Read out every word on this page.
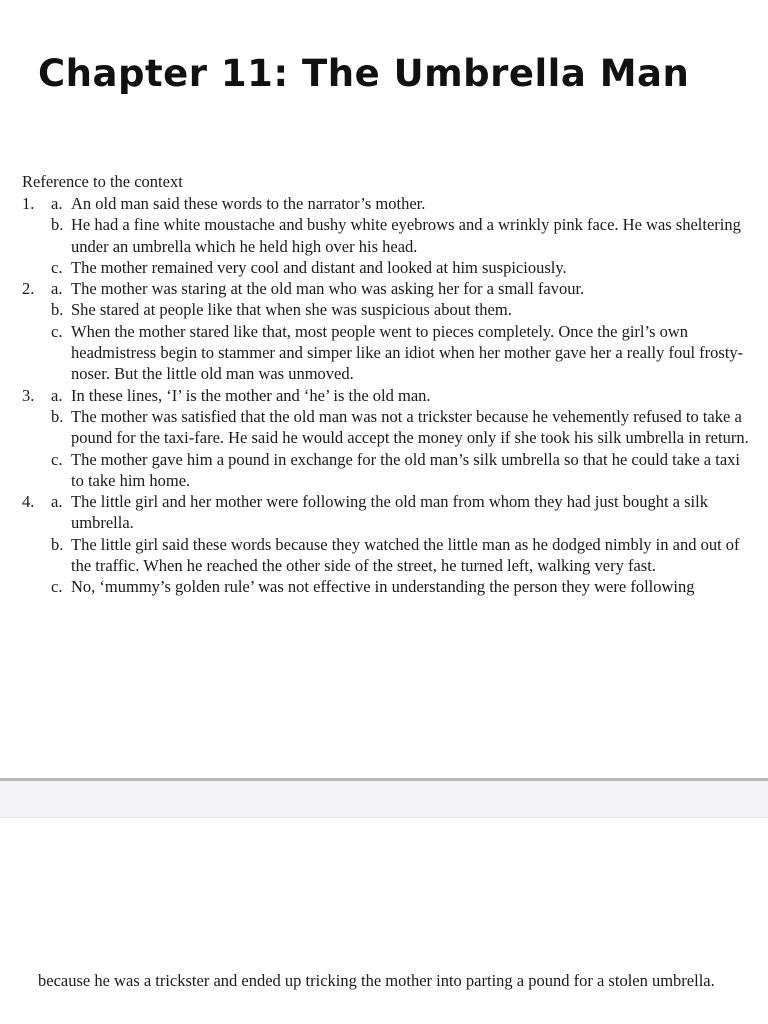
Chapter 11: The Umbrella Man
Reference to the context
1. a. An old man said these words to the narrator’s mother.
b. He had a fine white moustache and bushy white eyebrows and a wrinkly pink face. He was sheltering under an umbrella which he held high over his head.
c. The mother remained very cool and distant and looked at him suspiciously.
2. a. The mother was staring at the old man who was asking her for a small favour.
b. She stared at people like that when she was suspicious about them.
c. When the mother stared like that, most people went to pieces completely. Once the girl’s own headmistress begin to stammer and simper like an idiot when her mother gave her a really foul frosty-noser. But the little old man was unmoved.
3. a. In these lines, ‘I’ is the mother and ‘he’ is the old man.
b. The mother was satisfied that the old man was not a trickster because he vehemently refused to take a pound for the taxi-fare. He said he would accept the money only if she took his silk umbrella in return.
c. The mother gave him a pound in exchange for the old man’s silk umbrella so that he could take a taxi to take him home.
4. a. The little girl and her mother were following the old man from whom they had just bought a silk umbrella.
b. The little girl said these words because they watched the little man as he dodged nimbly in and out of the traffic. When he reached the other side of the street, he turned left, walking very fast.
c. No, ‘mummy’s golden rule’ was not effective in understanding the person they were following
because he was a trickster and ended up tricking the mother into parting a pound for a stolen umbrella.
